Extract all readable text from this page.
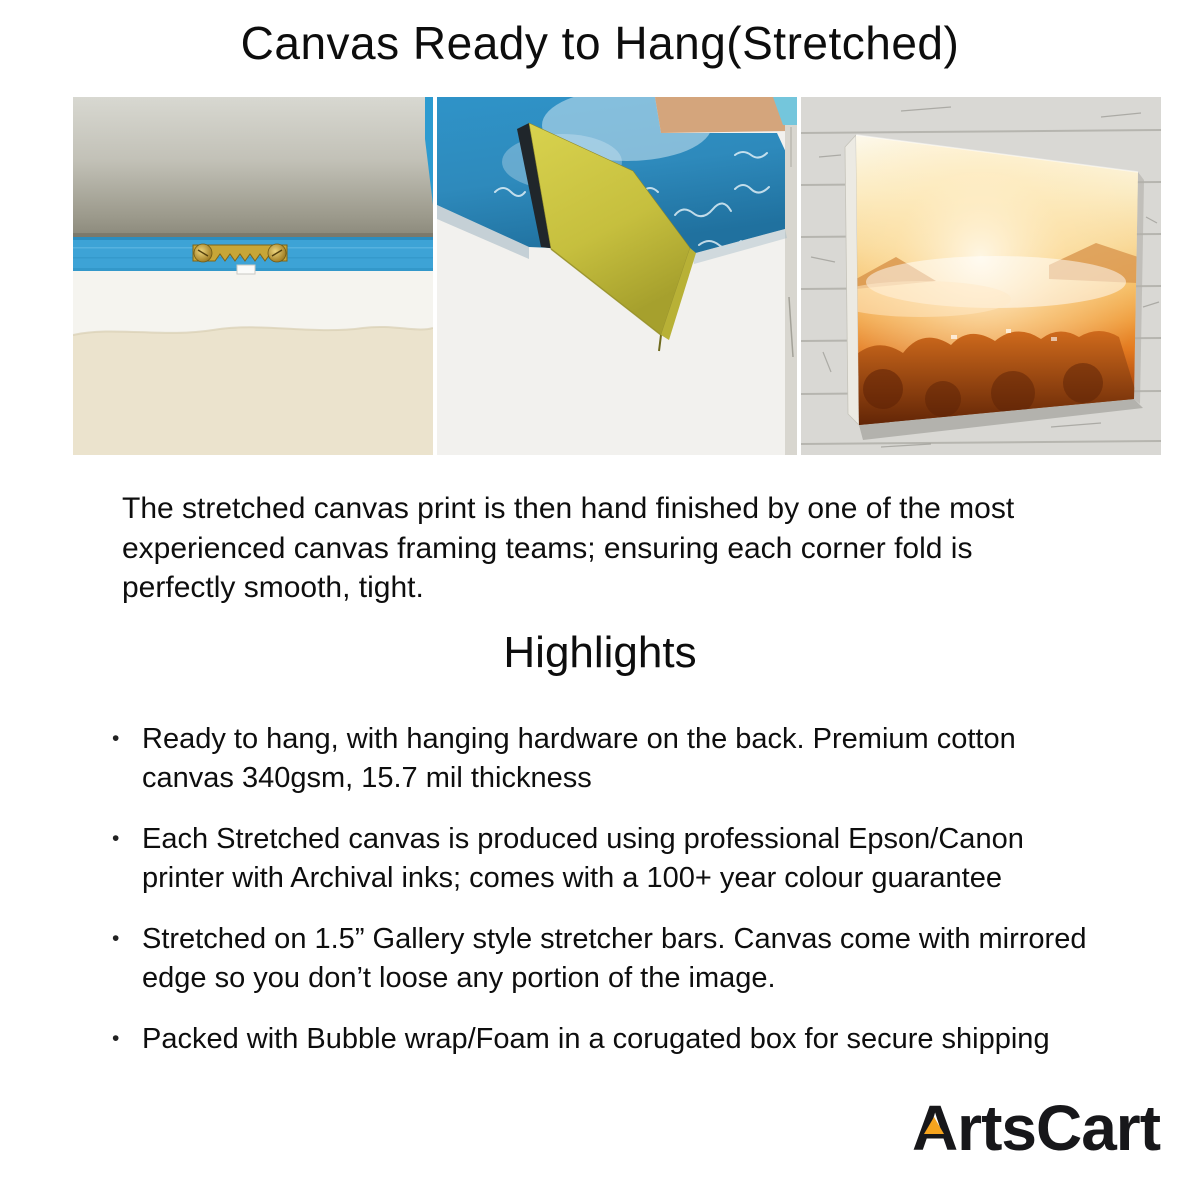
Canvas Ready to Hang(Stretched)

The stretched canvas print is then hand finished by one of the most experienced canvas framing teams; ensuring each corner fold is perfectly smooth, tight.

Highlights
• Ready to hang, with hanging hardware on the back. Premium cotton canvas 340gsm, 15.7 mil thickness
• Each Stretched canvas is produced using professional Epson/Canon printer with Archival inks; comes with a 100+ year colour guarantee
• Stretched on 1.5” Gallery style stretcher bars. Canvas come with mirrored edge so you don’t loose any portion of the image.
• Packed with Bubble wrap/Foam in a corugated box for secure shipping
ArtsCart
